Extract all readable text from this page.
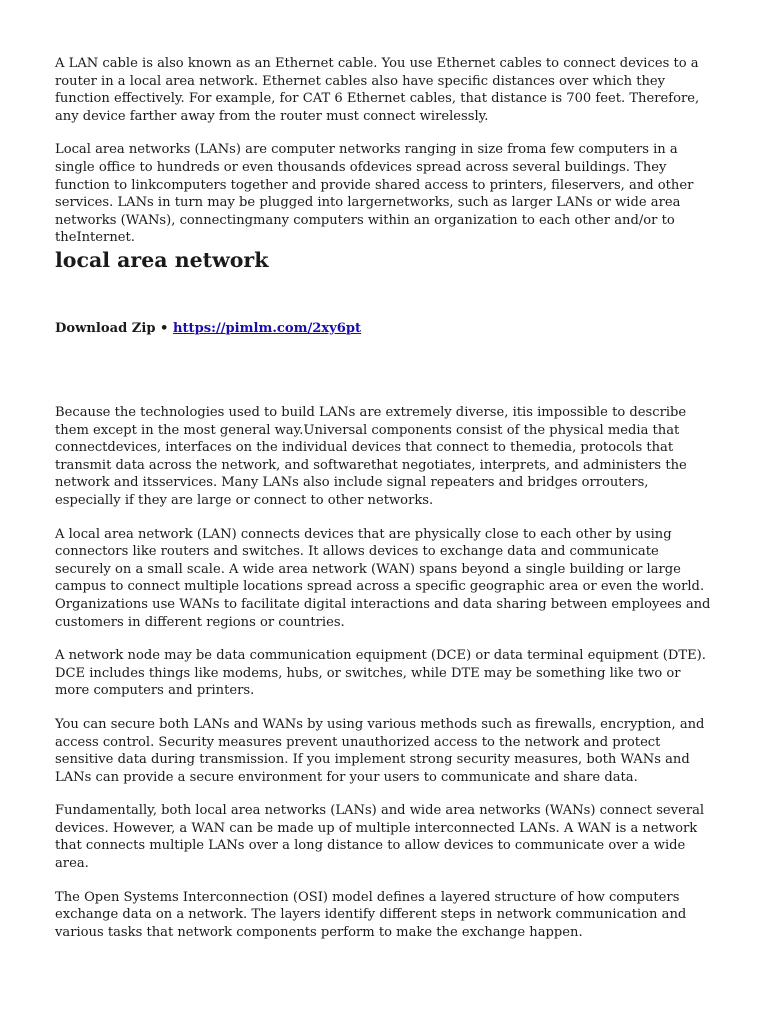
A LAN cable is also known as an Ethernet cable. You use Ethernet cables to connect devices to a router in a local area network. Ethernet cables also have specific distances over which they function effectively. For example, for CAT 6 Ethernet cables, that distance is 700 feet. Therefore, any device farther away from the router must connect wirelessly.

Local area networks (LANs) are computer networks ranging in size froma few computers in a single office to hundreds or even thousands ofdevices spread across several buildings. They function to linkcomputers together and provide shared access to printers, fileservers, and other services. LANs in turn may be plugged into largernetworks, such as larger LANs or wide area networks (WANs), connectingmany computers within an organization to each other and/or to theInternet.

local area network
Download Zip • https://pimlm.com/2xy6pt

Because the technologies used to build LANs are extremely diverse, itis impossible to describe them except in the most general way.Universal components consist of the physical media that connectdevices, interfaces on the individual devices that connect to themedia, protocols that transmit data across the network, and softwarethat negotiates, interprets, and administers the network and itsservices. Many LANs also include signal repeaters and bridges orrouters, especially if they are large or connect to other networks.

A local area network (LAN) connects devices that are physically close to each other by using connectors like routers and switches. It allows devices to exchange data and communicate securely on a small scale. A wide area network (WAN) spans beyond a single building or large campus to connect multiple locations spread across a specific geographic area or even the world. Organizations use WANs to facilitate digital interactions and data sharing between employees and customers in different regions or countries.

A network node may be data communication equipment (DCE) or data terminal equipment (DTE). DCE includes things like modems, hubs, or switches, while DTE may be something like two or more computers and printers.

You can secure both LANs and WANs by using various methods such as firewalls, encryption, and access control. Security measures prevent unauthorized access to the network and protect sensitive data during transmission. If you implement strong security measures, both WANs and LANs can provide a secure environment for your users to communicate and share data.

Fundamentally, both local area networks (LANs) and wide area networks (WANs) connect several devices. However, a WAN can be made up of multiple interconnected LANs. A WAN is a network that connects multiple LANs over a long distance to allow devices to communicate over a wide area.

The Open Systems Interconnection (OSI) model defines a layered structure of how computers exchange data on a network. The layers identify different steps in network communication and various tasks that network components perform to make the exchange happen.
